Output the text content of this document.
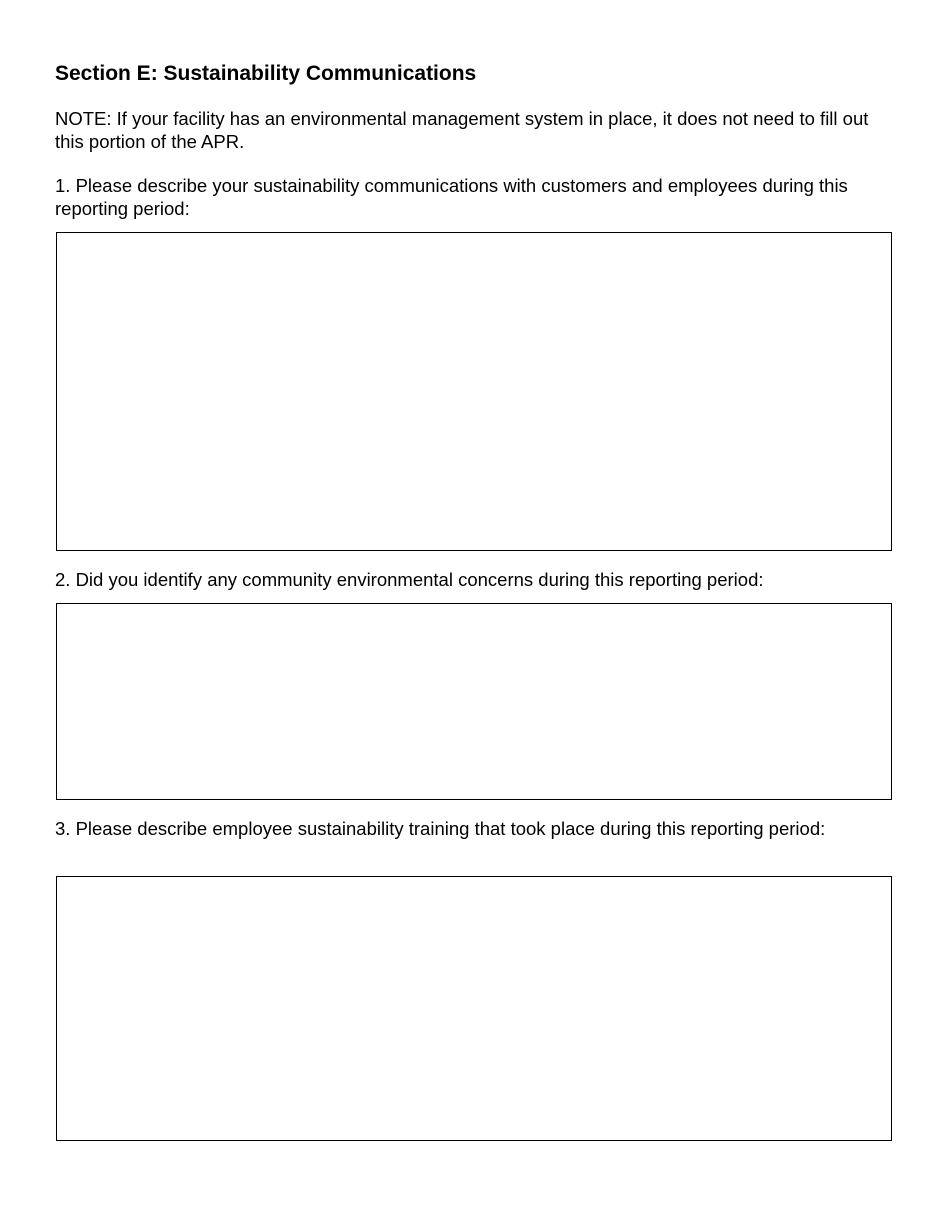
Section E: Sustainability Communications

NOTE: If your facility has an environmental management system in place, it does not need to fill out this portion of the APR.

1. Please describe your sustainability communications with customers and employees during this reporting period:

2. Did you identify any community environmental concerns during this reporting period:

3. Please describe employee sustainability training that took place during this reporting period:
